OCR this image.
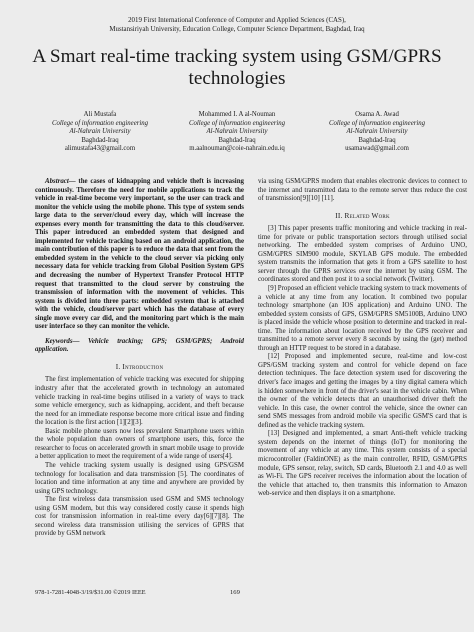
2019 First International Conference of Computer and Applied Sciences (CAS),
Mustansiriyah University, Education College, Computer Science Department, Baghdad, Iraq
A Smart real-time tracking system using GSM/GPRS
technologies
Ali Mustafa
College of information engineering
Al-Nahrain University
Baghdad-Iraq
alimustafa43@gmail.com
Mohammed I. A al-Nouman
College of information engineering
Al-Nahrain University
Baghdad-Iraq
m.aalnouman@coie-nahrain.edu.iq
Osama A. Awad
College of information engineering
Al-Nahrain University
Baghdad-Iraq
usamawad@gmail.com

Abstract— the cases of kidnapping and vehicle theft is increasing continuously. Therefore the need for mobile applications to track the vehicle in real-time become very important, so the user can track and monitor the vehicle using the mobile phone. This type of system sends large data to the server/cloud every day, which will increase the expenses every month for transmitting the data to this cloud/server. This paper introduced an embedded system that designed and implemented for vehicle tracking based on an android application, the main contribution of this paper is to reduce the data that sent from the embedded system in the vehicle to the cloud server via picking only necessary data for vehicle tracking from Global Position System GPS and decreasing the number of Hypertext Transfer Protocol HTTP request that transmitted to the cloud server by construing the transmission of information with the movement of vehicles. This system is divided into three parts: embedded system that is attached with the vehicle, cloud/server part which has the database of every single move every car did, and the monitoring part which is the main user interface so they can monitor the vehicle.

Keywords— Vehicle tracking; GPS; GSM/GPRS; Android application.

I. Introduction

The first implementation of vehicle tracking was executed for shipping industry after that the accelerated growth in technology an automated vehicle tracking in real-time begins utilised in a variety of ways to track some vehicle emergency, such as kidnapping, accident, and theft because the need for an immediate response become more critical issue and finding the location is the first action [1][2][3].

Basic mobile phone users now less prevalent Smartphone users within the whole population than owners of smartphone users, this, force the researcher to focus on accelerated growth in smart mobile usage to provide a better application to meet the requirement of a wide range of users[4].

The vehicle tracking system usually is designed using GPS/GSM technology for localisation and data transmission [5]. The coordinates of location and time information at any time and anywhere are provided by using GPS technology.

The first wireless data transmission used GSM and SMS technology using GSM modem, but this way considered costly cause it spends high cost for transmission information in real-time every day[6][7][8]. The second wireless data transmission utilising the services of GPRS that provide by GSM network

via using GSM/GPRS modem that enables electronic devices to connect to the internet and transmitted data to the remote server thus reduce the cost of transmission[9][10] [11].

II. Related Work

[3] This paper presents traffic monitoring and vehicle tracking in real-time for private or public transportation sectors through utilised social networking. The embedded system comprises of Arduino UNO, GSM/GPRS SIM900 module, SKYLAB GPS module. The embedded system transmits the information that gets it from a GPS satellite to host server through the GPRS services over the internet by using GSM. The coordinates stored and then post it to a social network (Twitter).

[9] Proposed an efficient vehicle tracking system to track movements of a vehicle at any time from any location. It combined two popular technology smartphone (an IOS application) and Arduino UNO. The embedded system consists of GPS, GSM/GPRS SM5100B, Arduino UNO is placed inside the vehicle whose position to determine and tracked in real-time. The information about location received by the GPS receiver and transmitted to a remote server every 8 seconds by using the (get) method through an HTTP request to be stored in a database.

[12] Proposed and implemented secure, real-time and low-cost GPS/GSM tracking system and control for vehicle depend on face detection techniques. The face detection system used for discovering the driver's face images and getting the images by a tiny digital camera which is hidden somewhere in front of the driver's seat in the vehicle cabin. When the owner of the vehicle detects that an unauthorised driver theft the vehicle. In this case, the owner control the vehicle, since the owner can send SMS messages from android mobile via specific GSM'S card that is defined as the vehicle tracking system.

[13] Designed and implemented, a smart Anti-theft vehicle tracking system depends on the internet of things (IoT) for monitoring the movement of any vehicle at any time. This system consists of a special microcontroller (FaldinONE) as the main controller, RFID, GSM/GPRS module, GPS sensor, relay, switch, SD cards, Bluetooth 2.1 and 4.0 as well as Wi-Fi. The GPS receiver receives the information about the location of the vehicle that attached to, then transmits this information to Amazon web-service and then displays it on a smartphone.

978-1-7281-4048-3/19/$31.00 ©2019 IEEE	169
